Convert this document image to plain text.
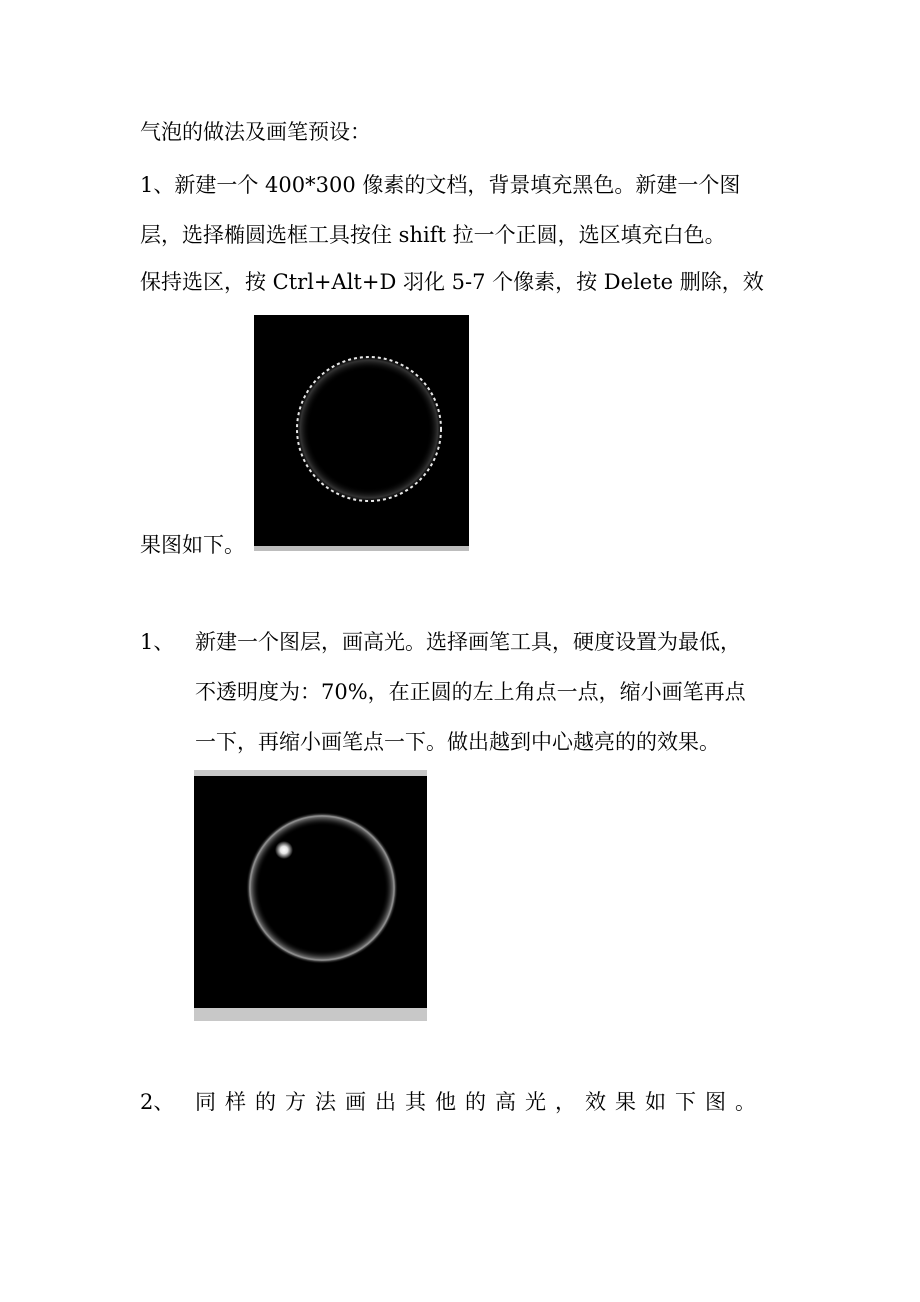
气泡的做法及画笔预设：
1、新建一个 400*300 像素的文档，背景填充黑色。新建一个图
层，选择椭圆选框工具按住 shift 拉一个正圆，选区填充白色。
保持选区，按 Ctrl+Alt+D 羽化 5-7 个像素，按 Delete 删除，效
果图如下。
1、 新建一个图层，画高光。选择画笔工具，硬度设置为最低，
不透明度为：70%，在正圆的左上角点一点，缩小画笔再点
一下，再缩小画笔点一下。做出越到中心越亮的的效果。
2、 同样的方法画出其他的高光，效果如下图。
